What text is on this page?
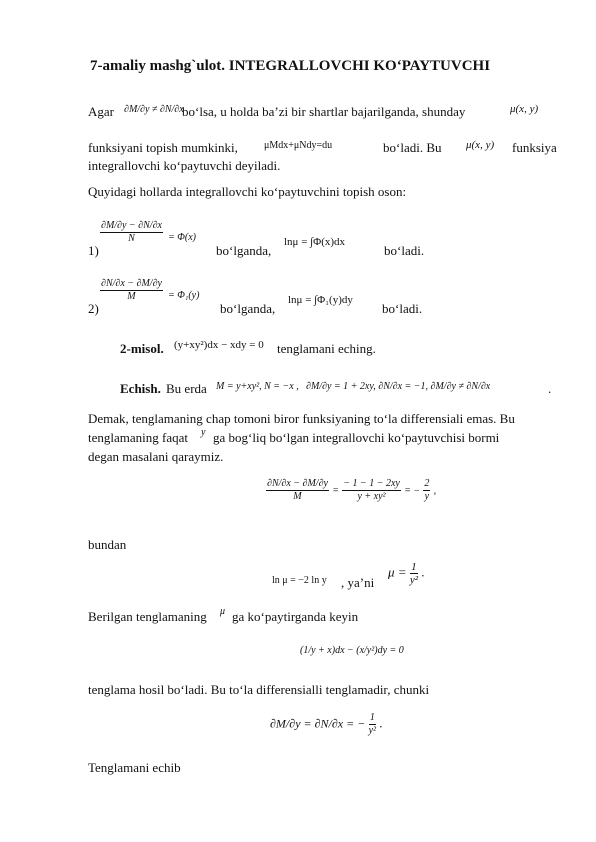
7-amaliy mashg`ulot. INTEGRALLOVCHI KO‘PAYTUVCHI
Agar ∂M/∂y ≠ ∂N/∂x
bo‘lsa, u holda ba’zi bir shartlar bajarilganda, shunday	μ(x, y)
funksiyani topish mumkinki,	μMdx+μNdy=du	bo‘ladi. Bu μ(x, y) funksiya
integrallovchi ko‘paytuvchi deyiladi.
Quyidagi hollarda integrallovchi ko‘paytuvchini topish oson:
1)
$\frac{\partial M/\partial y - \partial N/\partial x}{N} = \Phi(x)$
bo‘lganda,
lnμ = ∫Φ(x)dx
bo‘ladi.
2)
$\frac{\partial N/\partial x - \partial M/\partial y}{M} = \Phi_1(y)$
bo‘lganda,
lnμ = ∫Φ₁(y)dy
bo‘ladi.
2-misol. (y+xy²)dx − xdy = 0 tenglamani eching.
Echish. Bu erda M = y+xy², N = −x , ∂M/∂y = 1 + 2xy, ∂N/∂x = −1, ∂M/∂y ≠ ∂N/∂x	.
Demak, tenglamaning chap tomoni biror funksiyaning to‘la differensiali emas. Bu
tenglamaning faqat y ga bog‘liq bo‘lgan integrallovchi ko‘paytuvchisi bormi
degan masalani qaraymiz.
$\frac{\partial N/\partial x - \partial M/\partial y}{M} = \frac{- 1 - 1 - 2xy}{\text{y + xy²}}$ = − $\frac{2}{y}$ ,
bundan
ln μ = −2 ln y , ya’ni
$\mu = \frac{1}{\text{y²}}$ .
Berilgan tenglamaning μ ga ko‘paytirganda keyin
(1/y + x)dx − (x/y²)dy = 0
tenglama hosil bo‘ladi. Bu to‘la differensialli tenglamadir, chunki
∂M/∂y = ∂N/∂x = − $\frac{1}{\text{y²}}$ .
Tenglamani echib
